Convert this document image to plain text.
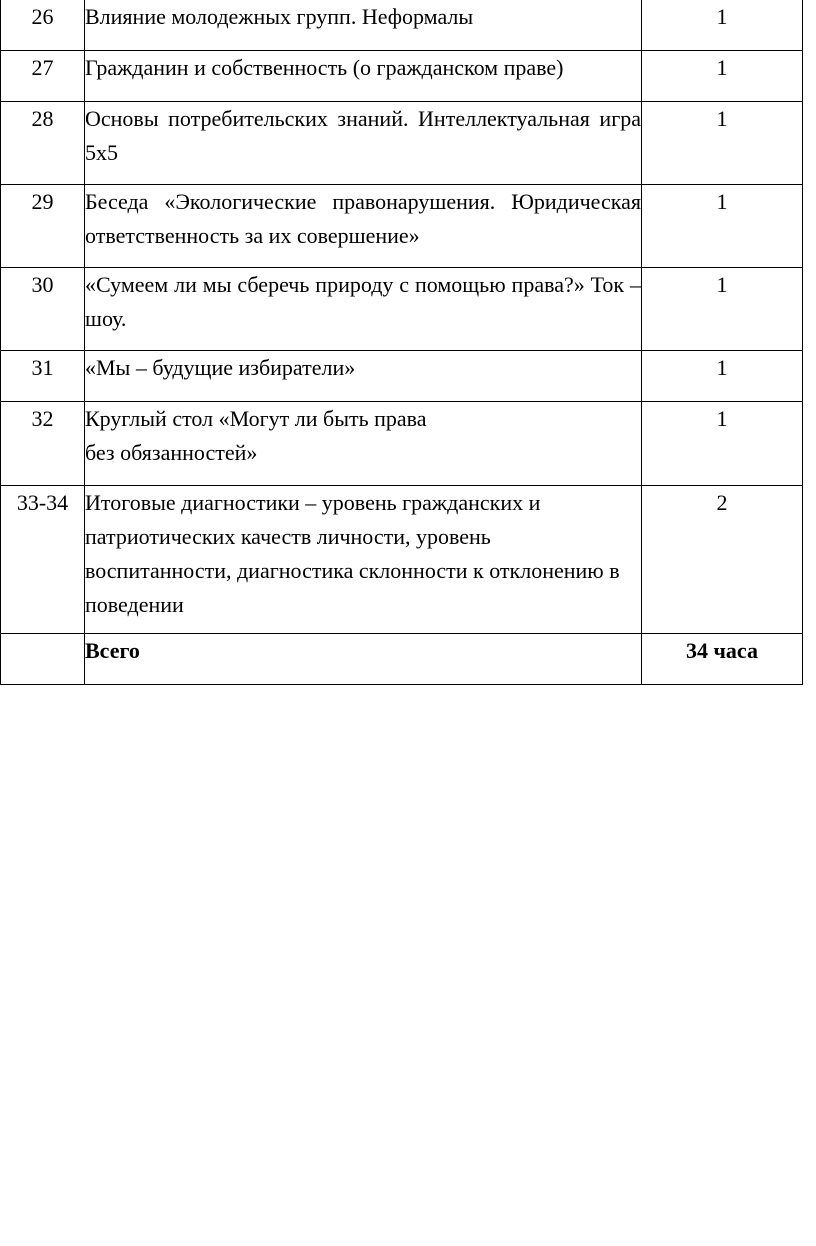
26	Влияние молодежных групп. Неформалы	1
27	Гражданин и собственность (о гражданском праве)	1
28	Основы потребительских знаний. Интеллектуальная игра 5х5	1
29	Беседа «Экологические правонарушения. Юридическая ответственность за их совершение»	1
30	«Сумеем ли мы сберечь природу с помощью права?» Ток – шоу.	1
31	«Мы – будущие избиратели»	1
32	Круглый стол «Могут ли быть права без обязанностей»	1
33-34	Итоговые диагностики – уровень гражданских и патриотических качеств личности, уровень воспитанности, диагностика склонности к отклонению в поведении	2
	Всего	34 часа
